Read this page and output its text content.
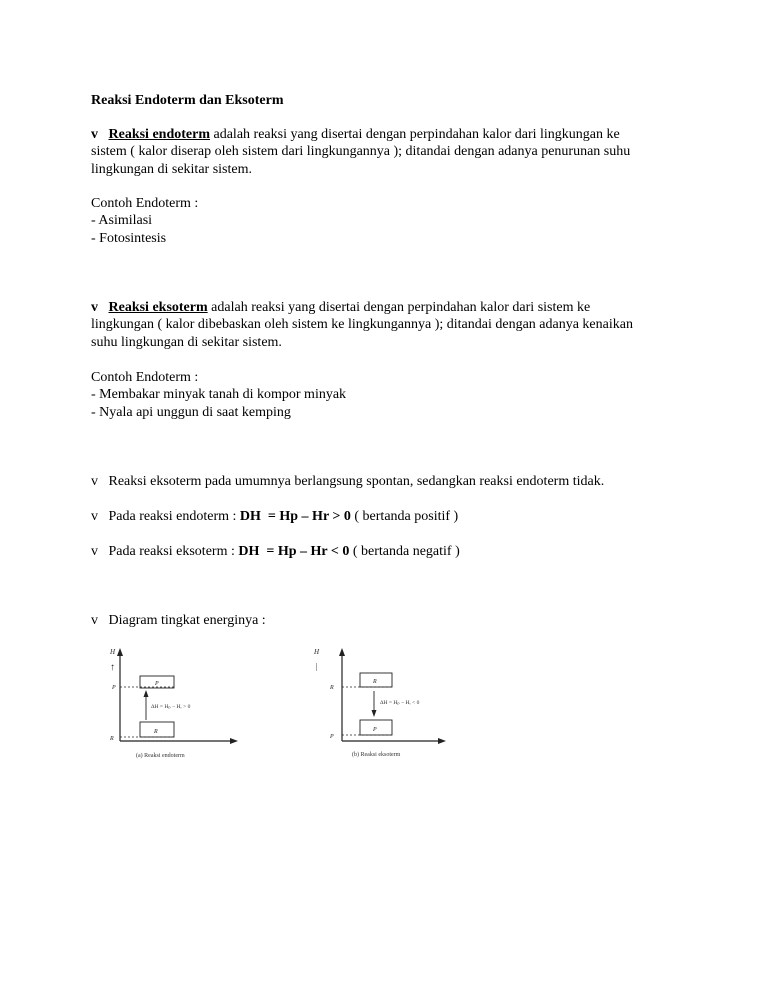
Reaksi Endoterm dan Eksoterm
v Reaksi endoterm adalah reaksi yang disertai dengan perpindahan kalor dari lingkungan ke
sistem ( kalor diserap oleh sistem dari lingkungannya ); ditandai dengan adanya penurunan suhu
lingkungan di sekitar sistem.
Contoh Endoterm :
- Asimilasi
- Fotosintesis
v Reaksi eksoterm adalah reaksi yang disertai dengan perpindahan kalor dari sistem ke
lingkungan ( kalor dibebaskan oleh sistem ke lingkungannya ); ditandai dengan adanya kenaikan
suhu lingkungan di sekitar sistem.
Contoh Endoterm :
- Membakar minyak tanah di kompor minyak
- Nyala api unggun di saat kemping
v Reaksi eksoterm pada umumnya berlangsung spontan, sedangkan reaksi endoterm tidak.
v Pada reaksi endoterm : DH  = Hp – Hr > 0 ( bertanda positif )
v Pada reaksi eksoterm : DH  = Hp – Hr < 0 ( bertanda negatif )
v Diagram tingkat energinya :
H
↑
P
P
R
R
ΔH = Hₚ − Hᵣ > 0
(a) Reaksi endoterm
H
|
R
R
P
P
ΔH = Hₚ − Hᵣ < 0
(b) Reaksi eksoterm
